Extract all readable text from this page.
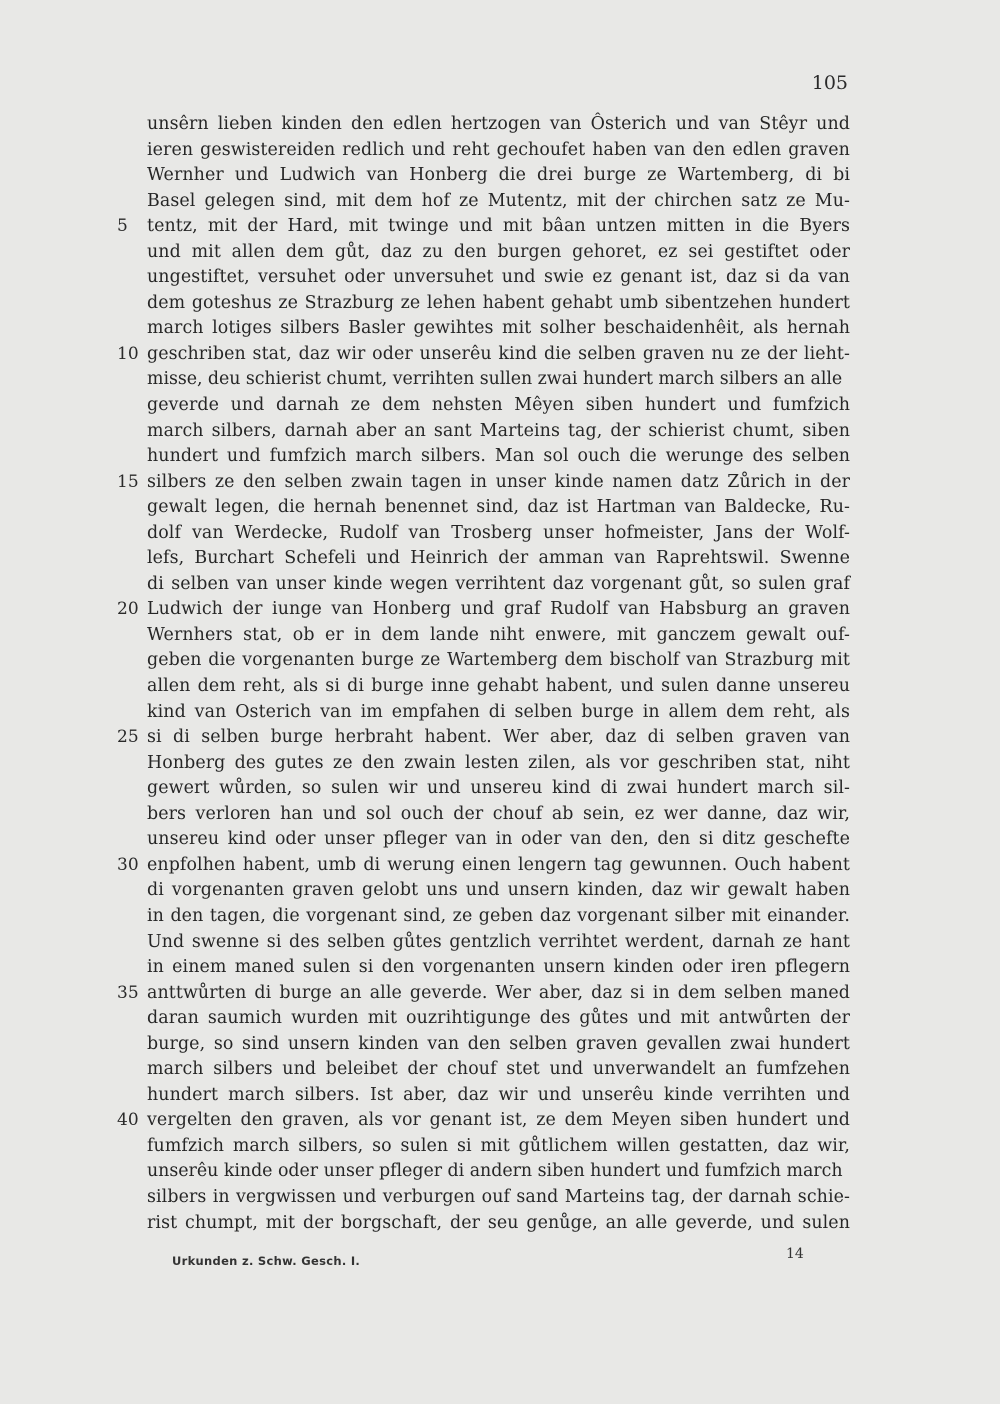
105
unsêrn lieben kinden den edlen hertzogen van Ôsterich und van Stêyr und
ieren geswistereiden redlich und reht gechoufet haben van den edlen graven
Wernher und Ludwich van Honberg die drei burge ze Wartemberg, di bi
Basel gelegen sind, mit dem hof ze Mutentz, mit der chirchen satz ze Mu-
5	tentz, mit der Hard, mit twinge und mit bâan untzen mitten in die Byers
und mit allen dem gůt, daz zu den burgen gehoret, ez sei gestiftet oder
ungestiftet, versuhet oder unversuhet und swie ez genant ist, daz si da van
dem goteshus ze Strazburg ze lehen habent gehabt umb sibentzehen hundert
march lotiges silbers Basler gewihtes mit solher beschaidenhêit, als hernah
10 geschriben stat, daz wir oder unserêu kind die selben graven nu ze der lieht-
misse, deu schierist chumt, verrihten sullen zwai hundert march silbers an alle
geverde und darnah ze dem nehsten Mêyen siben hundert und fumfzich
march silbers, darnah aber an sant Marteins tag, der schierist chumt, siben
hundert und fumfzich march silbers. Man sol ouch die werunge des selben
15 silbers ze den selben zwain tagen in unser kinde namen datz Zůrich in der
gewalt legen, die hernah benennet sind, daz ist Hartman van Baldecke, Ru-
dolf van Werdecke, Rudolf van Trosberg unser hofmeister, Jans der Wolf-
lefs, Burchart Schefeli und Heinrich der amman van Raprehtswil. Swenne
di selben van unser kinde wegen verrihtent daz vorgenant gůt, so sulen graf
20 Ludwich der iunge van Honberg und graf Rudolf van Habsburg an graven
Wernhers stat, ob er in dem lande niht enwere, mit ganczem gewalt ouf-
geben die vorgenanten burge ze Wartemberg dem bischolf van Strazburg mit
allen dem reht, als si di burge inne gehabt habent, und sulen danne unsereu
kind van Osterich van im empfahen di selben burge in allem dem reht, als
25 si di selben burge herbraht habent. Wer aber, daz di selben graven van
Honberg des gutes ze den zwain lesten zilen, als vor geschriben stat, niht
gewert wůrden, so sulen wir und unsereu kind di zwai hundert march sil-
bers verloren han und sol ouch der chouf ab sein, ez wer danne, daz wir,
unsereu kind oder unser pfleger van in oder van den, den si ditz geschefte
30 enpfolhen habent, umb di werung einen lengern tag gewunnen. Ouch habent
di vorgenanten graven gelobt uns und unsern kinden, daz wir gewalt haben
in den tagen, die vorgenant sind, ze geben daz vorgenant silber mit einander.
Und swenne si des selben gůtes gentzlich verrihtet werdent, darnah ze hant
in einem maned sulen si den vorgenanten unsern kinden oder iren pflegern
35 anttwůrten di burge an alle geverde. Wer aber, daz si in dem selben maned
daran saumich wurden mit ouzrihtigunge des gůtes und mit antwůrten der
burge, so sind unsern kinden van den selben graven gevallen zwai hundert
march silbers und beleibet der chouf stet und unverwandelt an fumfzehen
hundert march silbers. Ist aber, daz wir und unserêu kinde verrihten und
40 vergelten den graven, als vor genant ist, ze dem Meyen siben hundert und
fumfzich march silbers, so sulen si mit gůtlichem willen gestatten, daz wir,
unserêu kinde oder unser pfleger di andern siben hundert und fumfzich march
silbers in vergwissen und verburgen ouf sand Marteins tag, der darnah schie-
rist chumpt, mit der borgschaft, der seu genůge, an alle geverde, und sulen
Urkunden z. Schw. Gesch. I.	14
